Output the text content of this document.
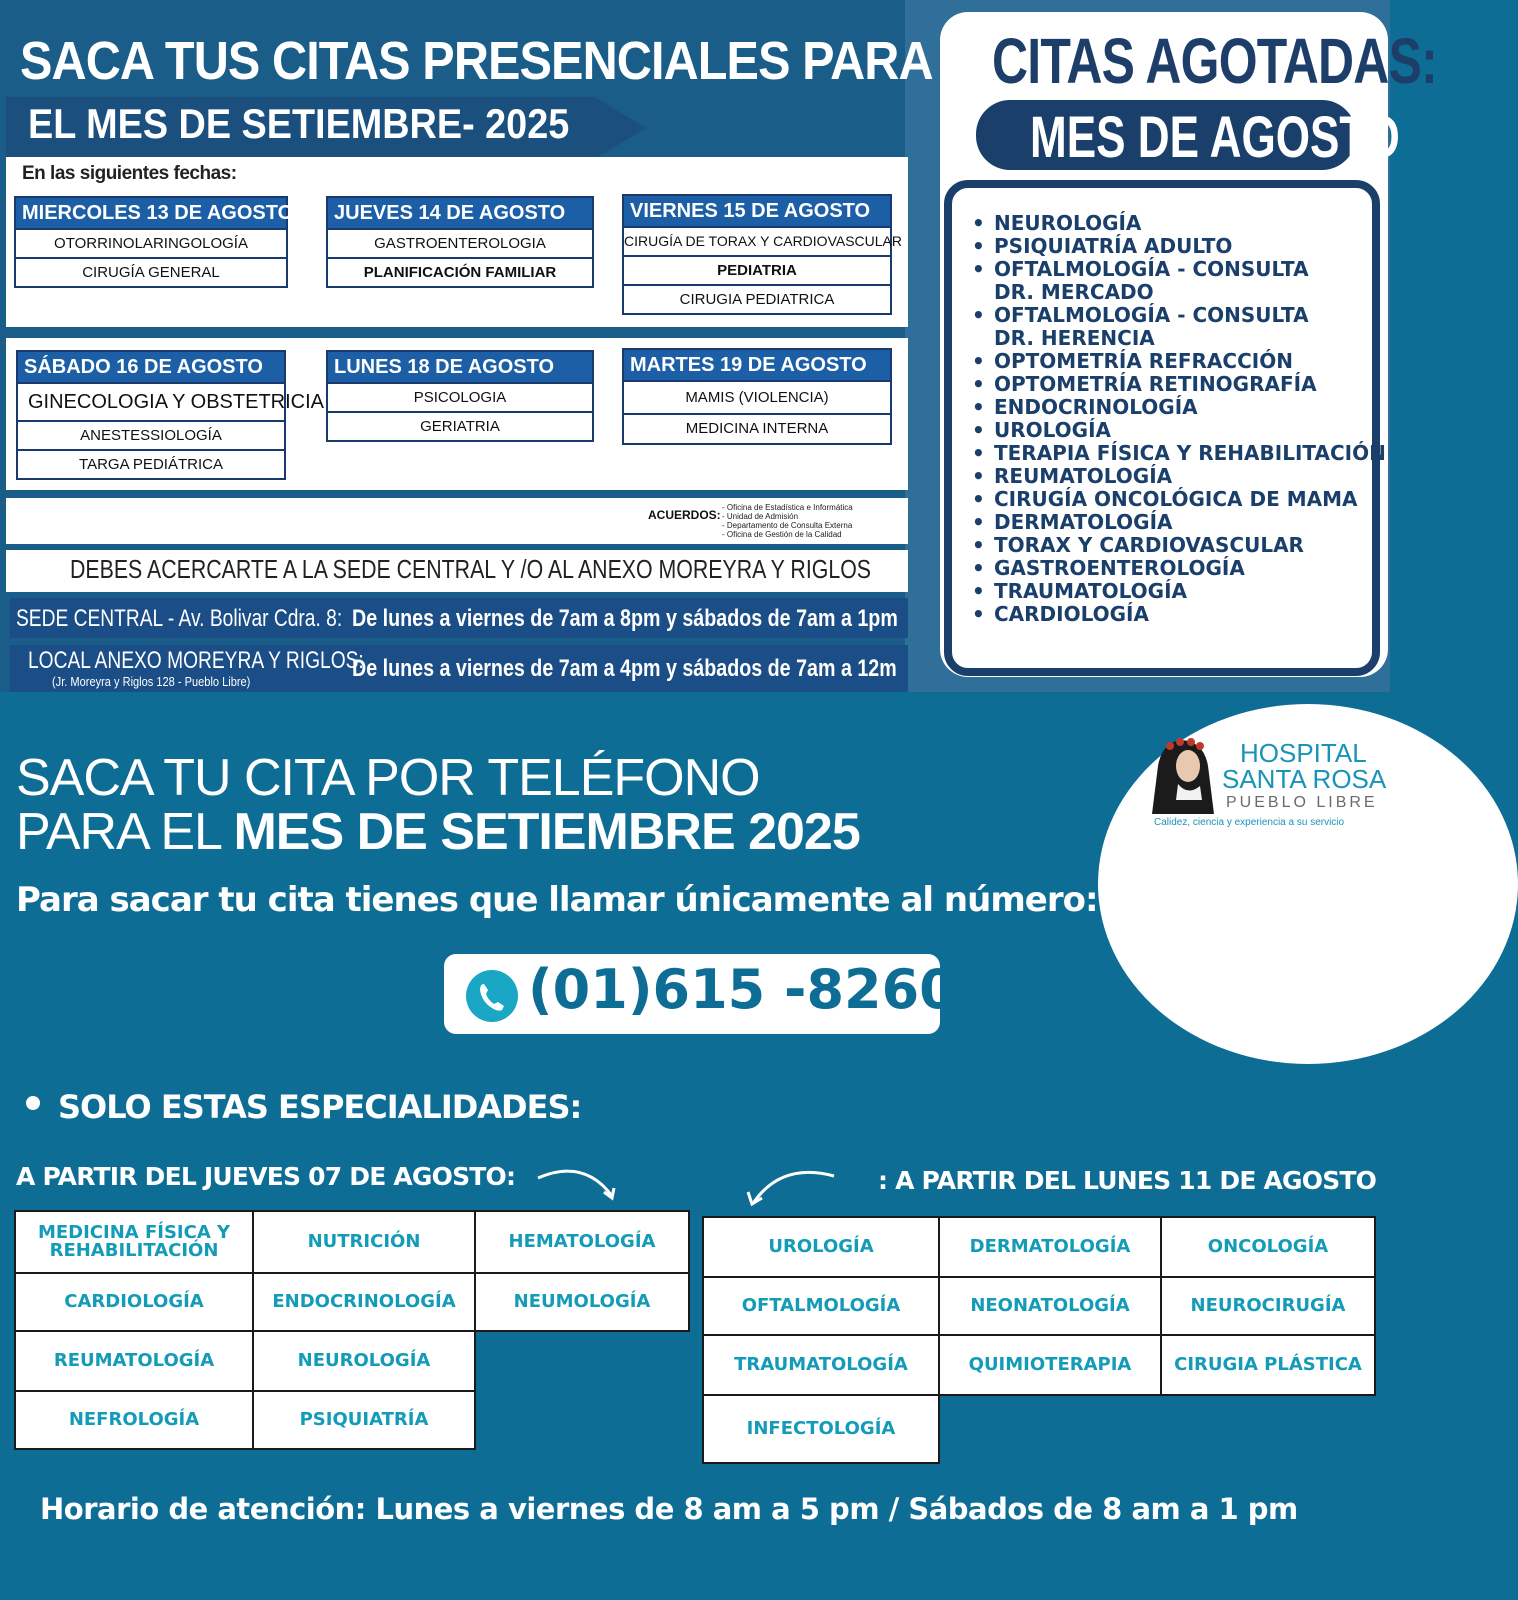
SACA TUS CITAS PRESENCIALES PARA
EL MES DE SETIEMBRE- 2025
En las siguientes fechas:
MIERCOLES 13 DE AGOSTO
OTORRINOLARINGOLOGÍA
CIRUGÍA GENERAL
JUEVES 14 DE AGOSTO
GASTROENTEROLOGIA
PLANIFICACIÓN FAMILIAR
VIERNES 15 DE AGOSTO
CIRUGÍA DE TORAX Y CARDIOVASCULAR
PEDIATRIA
CIRUGIA PEDIATRICA
SÁBADO 16 DE AGOSTO
GINECOLOGIA Y OBSTETRICIA
ANESTESSIOLOGÍA
TARGA PEDIÁTRICA
LUNES 18 DE AGOSTO
PSICOLOGIA
GERIATRIA
MARTES 19 DE AGOSTO
MAMIS (VIOLENCIA)
MEDICINA INTERNA
ACUERDOS:
- Oficina de Estadística e Informática
- Unidad de Admisión
- Departamento de Consulta Externa
- Oficina de Gestión de la Calidad
DEBES ACERCARTE A LA SEDE CENTRAL Y /O AL ANEXO MOREYRA Y RIGLOS
SEDE CENTRAL - Av. Bolivar Cdra. 8: De lunes a viernes de 7am a 8pm y sábados de 7am a 1pm
LOCAL ANEXO MOREYRA Y RIGLOS:
(Jr. Moreyra y Riglos 128 - Pueblo Libre)	De lunes a viernes de 7am a 4pm y sábados de 7am a 12m
CITAS AGOTADAS:
MES DE AGOSTO
• NEUROLOGÍA
• PSIQUIATRÍA ADULTO
• OFTALMOLOGÍA - CONSULTA
DR. MERCADO
• OFTALMOLOGÍA - CONSULTA
DR. HERENCIA
• OPTOMETRÍA REFRACCIÓN
• OPTOMETRÍA RETINOGRAFÍA
• ENDOCRINOLOGÍA
• UROLOGÍA
• TERAPIA FÍSICA Y REHABILITACIÓN
• REUMATOLOGÍA
• CIRUGÍA ONCOLÓGICA DE MAMA
• DERMATOLOGÍA
• TORAX Y CARDIOVASCULAR
• GASTROENTEROLOGÍA
• TRAUMATOLOGÍA
• CARDIOLOGÍA
HOSPITAL
SANTA ROSA
PUEBLO LIBRE
Calidez, ciencia y experiencia a su servicio
SACA TU CITA POR TELÉFONO
PARA EL MES DE SETIEMBRE 2025
Para sacar tu cita tienes que llamar únicamente al número:
(01)615 -8260
SOLO ESTAS ESPECIALIDADES:
A PARTIR DEL JUEVES 07 DE AGOSTO:	: A PARTIR DEL LUNES 11 DE AGOSTO
MEDICINA FÍSICA Y REHABILITACIÓN	NUTRICIÓN	HEMATOLOGÍA
CARDIOLOGÍA	ENDOCRINOLOGÍA	NEUMOLOGÍA
REUMATOLOGÍA	NEUROLOGÍA
NEFROLOGÍA	PSIQUIATRÍA
UROLOGÍA	DERMATOLOGÍA	ONCOLOGÍA
OFTALMOLOGÍA	NEONATOLOGÍA	NEUROCIRUGÍA
TRAUMATOLOGÍA	QUIMIOTERAPIA	CIRUGIA PLÁSTICA
INFECTOLOGÍA
Horario de atención: Lunes a viernes de 8 am a 5 pm / Sábados de 8 am a 1 pm
